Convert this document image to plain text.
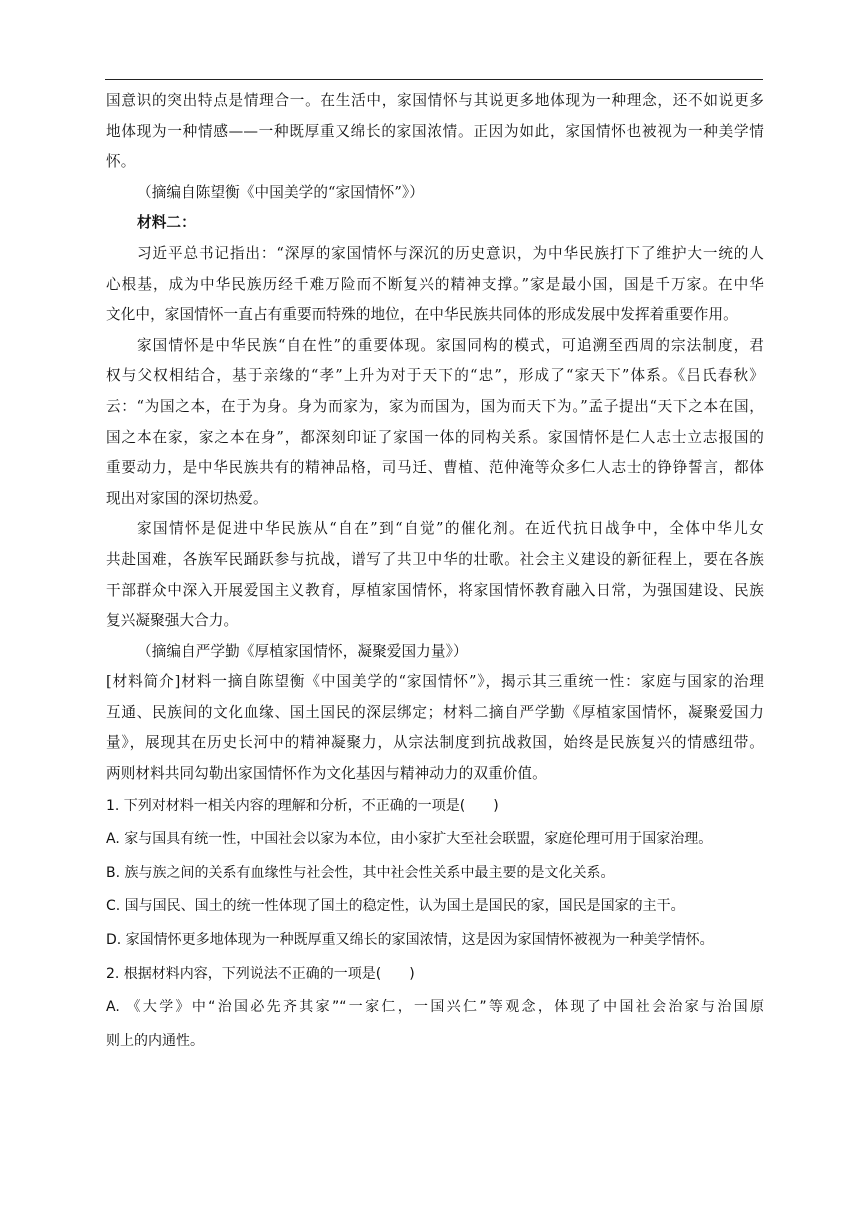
国意识的突出特点是情理合一。在生活中，家国情怀与其说更多地体现为一种理念，还不如说更多
地体现为一种情感——一种既厚重又绵长的家国浓情。正因为如此，家国情怀也被视为一种美学情
怀。
（摘编自陈望衡《中国美学的“家国情怀”》）
材料二：
习近平总书记指出：“深厚的家国情怀与深沉的历史意识，为中华民族打下了维护大一统的人
心根基，成为中华民族历经千难万险而不断复兴的精神支撑。”家是最小国，国是千万家。在中华
文化中，家国情怀一直占有重要而特殊的地位，在中华民族共同体的形成发展中发挥着重要作用。
家国情怀是中华民族“自在性”的重要体现。家国同构的模式，可追溯至西周的宗法制度，君
权与父权相结合，基于亲缘的“孝”上升为对于天下的“忠”，形成了“家天下”体系。《吕氏春秋》
云：“为国之本，在于为身。身为而家为，家为而国为，国为而天下为。”孟子提出“天下之本在国，
国之本在家，家之本在身”，都深刻印证了家国一体的同构关系。家国情怀是仁人志士立志报国的
重要动力，是中华民族共有的精神品格，司马迁、曹植、范仲淹等众多仁人志士的铮铮誓言，都体
现出对家国的深切热爱。
家国情怀是促进中华民族从“自在”到“自觉”的催化剂。在近代抗日战争中，全体中华儿女
共赴国难，各族军民踊跃参与抗战，谱写了共卫中华的壮歌。社会主义建设的新征程上，要在各族
干部群众中深入开展爱国主义教育，厚植家国情怀，将家国情怀教育融入日常，为强国建设、民族
复兴凝聚强大合力。
（摘编自严学勤《厚植家国情怀，凝聚爱国力量》）
[材料简介]材料一摘自陈望衡《中国美学的“家国情怀”》，揭示其三重统一性：家庭与国家的治理
互通、民族间的文化血缘、国土国民的深层绑定；材料二摘自严学勤《厚植家国情怀，凝聚爱国力
量》，展现其在历史长河中的精神凝聚力，从宗法制度到抗战救国，始终是民族复兴的情感纽带。
两则材料共同勾勒出家国情怀作为文化基因与精神动力的双重价值。
1. 下列对材料一相关内容的理解和分析，不正确的一项是(　　)
A. 家与国具有统一性，中国社会以家为本位，由小家扩大至社会联盟，家庭伦理可用于国家治理。
B. 族与族之间的关系有血缘性与社会性，其中社会性关系中最主要的是文化关系。
C. 国与国民、国土的统一性体现了国土的稳定性，认为国土是国民的家，国民是国家的主干。
D. 家国情怀更多地体现为一种既厚重又绵长的家国浓情，这是因为家国情怀被视为一种美学情怀。
2. 根据材料内容，下列说法不正确的一项是(　　)
A. 《大学》中“治国必先齐其家”“一家仁，一国兴仁”等观念，体现了中国社会治家与治国原
则上的内通性。
